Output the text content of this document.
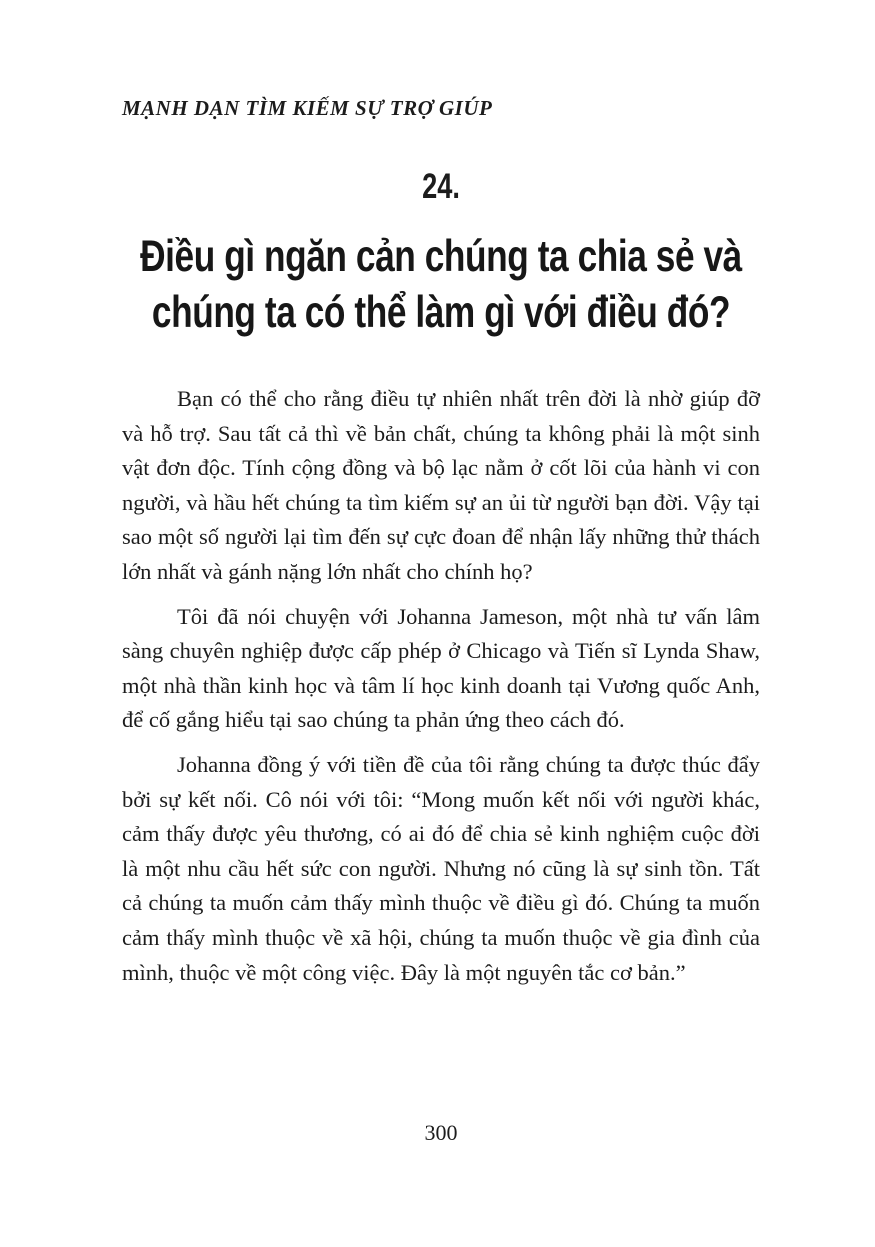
MẠNH DẠN TÌM KIẾM SỰ TRỢ GIÚP
24.
Điều gì ngăn cản chúng ta chia sẻ và
chúng ta có thể làm gì với điều đó?

Bạn có thể cho rằng điều tự nhiên nhất trên đời là nhờ giúp đỡ và hỗ trợ. Sau tất cả thì về bản chất, chúng ta không phải là một sinh vật đơn độc. Tính cộng đồng và bộ lạc nằm ở cốt lõi của hành vi con người, và hầu hết chúng ta tìm kiếm sự an ủi từ người bạn đời. Vậy tại sao một số người lại tìm đến sự cực đoan để nhận lấy những thử thách lớn nhất và gánh nặng lớn nhất cho chính họ?

Tôi đã nói chuyện với Johanna Jameson, một nhà tư vấn lâm sàng chuyên nghiệp được cấp phép ở Chicago và Tiến sĩ Lynda Shaw, một nhà thần kinh học và tâm lí học kinh doanh tại Vương quốc Anh, để cố gắng hiểu tại sao chúng ta phản ứng theo cách đó.

Johanna đồng ý với tiền đề của tôi rằng chúng ta được thúc đẩy bởi sự kết nối. Cô nói với tôi: “Mong muốn kết nối với người khác, cảm thấy được yêu thương, có ai đó để chia sẻ kinh nghiệm cuộc đời là một nhu cầu hết sức con người. Nhưng nó cũng là sự sinh tồn. Tất cả chúng ta muốn cảm thấy mình thuộc về điều gì đó. Chúng ta muốn cảm thấy mình thuộc về xã hội, chúng ta muốn thuộc về gia đình của mình, thuộc về một công việc. Đây là một nguyên tắc cơ bản.”

300
